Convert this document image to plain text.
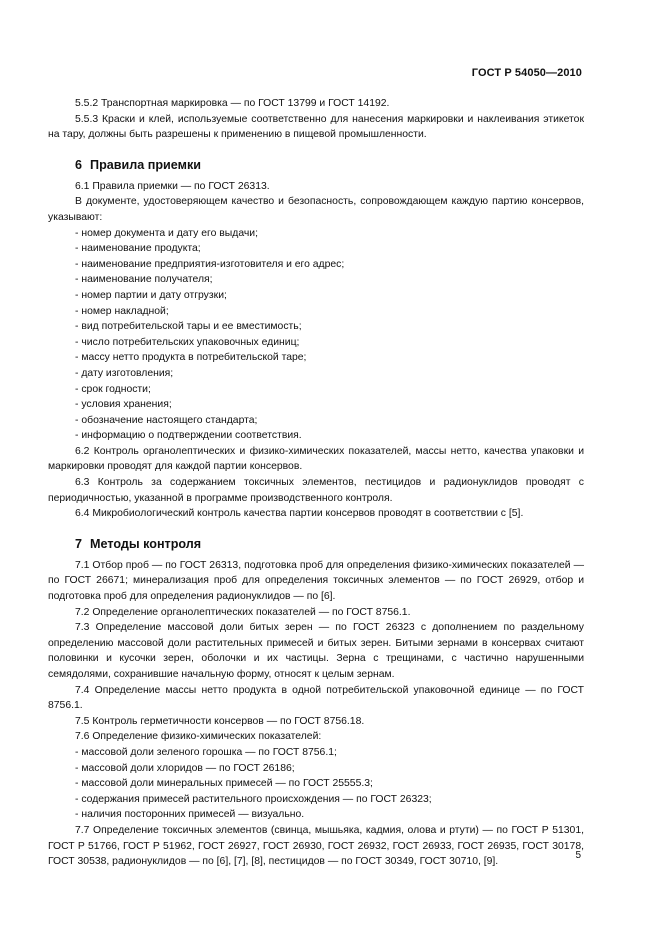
ГОСТ Р 54050—2010

5.5.2 Транспортная маркировка — по ГОСТ 13799 и ГОСТ 14192.

5.5.3 Краски и клей, используемые соответственно для нанесения маркировки и наклеивания этикеток на тару, должны быть разрешены к применению в пищевой промышленности.

6 Правила приемки

6.1 Правила приемки — по ГОСТ 26313.

В документе, удостоверяющем качество и безопасность, сопровождающем каждую партию консервов, указывают:

- номер документа и дату его выдачи;
- наименование продукта;
- наименование предприятия-изготовителя и его адрес;
- наименование получателя;
- номер партии и дату отгрузки;
- номер накладной;
- вид потребительской тары и ее вместимость;
- число потребительских упаковочных единиц;
- массу нетто продукта в потребительской таре;
- дату изготовления;
- срок годности;
- условия хранения;
- обозначение настоящего стандарта;
- информацию о подтверждении соответствия.

6.2 Контроль органолептических и физико-химических показателей, массы нетто, качества упаковки и маркировки проводят для каждой партии консервов.

6.3 Контроль за содержанием токсичных элементов, пестицидов и радионуклидов проводят с периодичностью, указанной в программе производственного контроля.

6.4 Микробиологический контроль качества партии консервов проводят в соответствии с [5].

7 Методы контроля

7.1 Отбор проб — по ГОСТ 26313, подготовка проб для определения физико-химических показателей — по ГОСТ 26671; минерализация проб для определения токсичных элементов — по ГОСТ 26929, отбор и подготовка проб для определения радионуклидов — по [6].

7.2 Определение органолептических показателей — по ГОСТ 8756.1.

7.3 Определение массовой доли битых зерен — по ГОСТ 26323 с дополнением по раздельному определению массовой доли растительных примесей и битых зерен. Битыми зернами в консервах считают половинки и кусочки зерен, оболочки и их частицы. Зерна с трещинами, с частично нарушенными семядолями, сохранившие начальную форму, относят к целым зернам.

7.4 Определение массы нетто продукта в одной потребительской упаковочной единице — по ГОСТ 8756.1.

7.5 Контроль герметичности консервов — по ГОСТ 8756.18.

7.6 Определение физико-химических показателей:

- массовой доли зеленого горошка — по ГОСТ 8756.1;
- массовой доли хлоридов — по ГОСТ 26186;
- массовой доли минеральных примесей — по ГОСТ 25555.3;
- содержания примесей растительного происхождения — по ГОСТ 26323;
- наличия посторонних примесей — визуально.

7.7 Определение токсичных элементов (свинца, мышьяка, кадмия, олова и ртути) — по ГОСТ Р 51301, ГОСТ Р 51766, ГОСТ Р 51962, ГОСТ 26927, ГОСТ 26930, ГОСТ 26932, ГОСТ 26933, ГОСТ 26935, ГОСТ 30178, ГОСТ 30538, радионуклидов — по [6], [7], [8], пестицидов — по ГОСТ 30349, ГОСТ 30710, [9].

5
